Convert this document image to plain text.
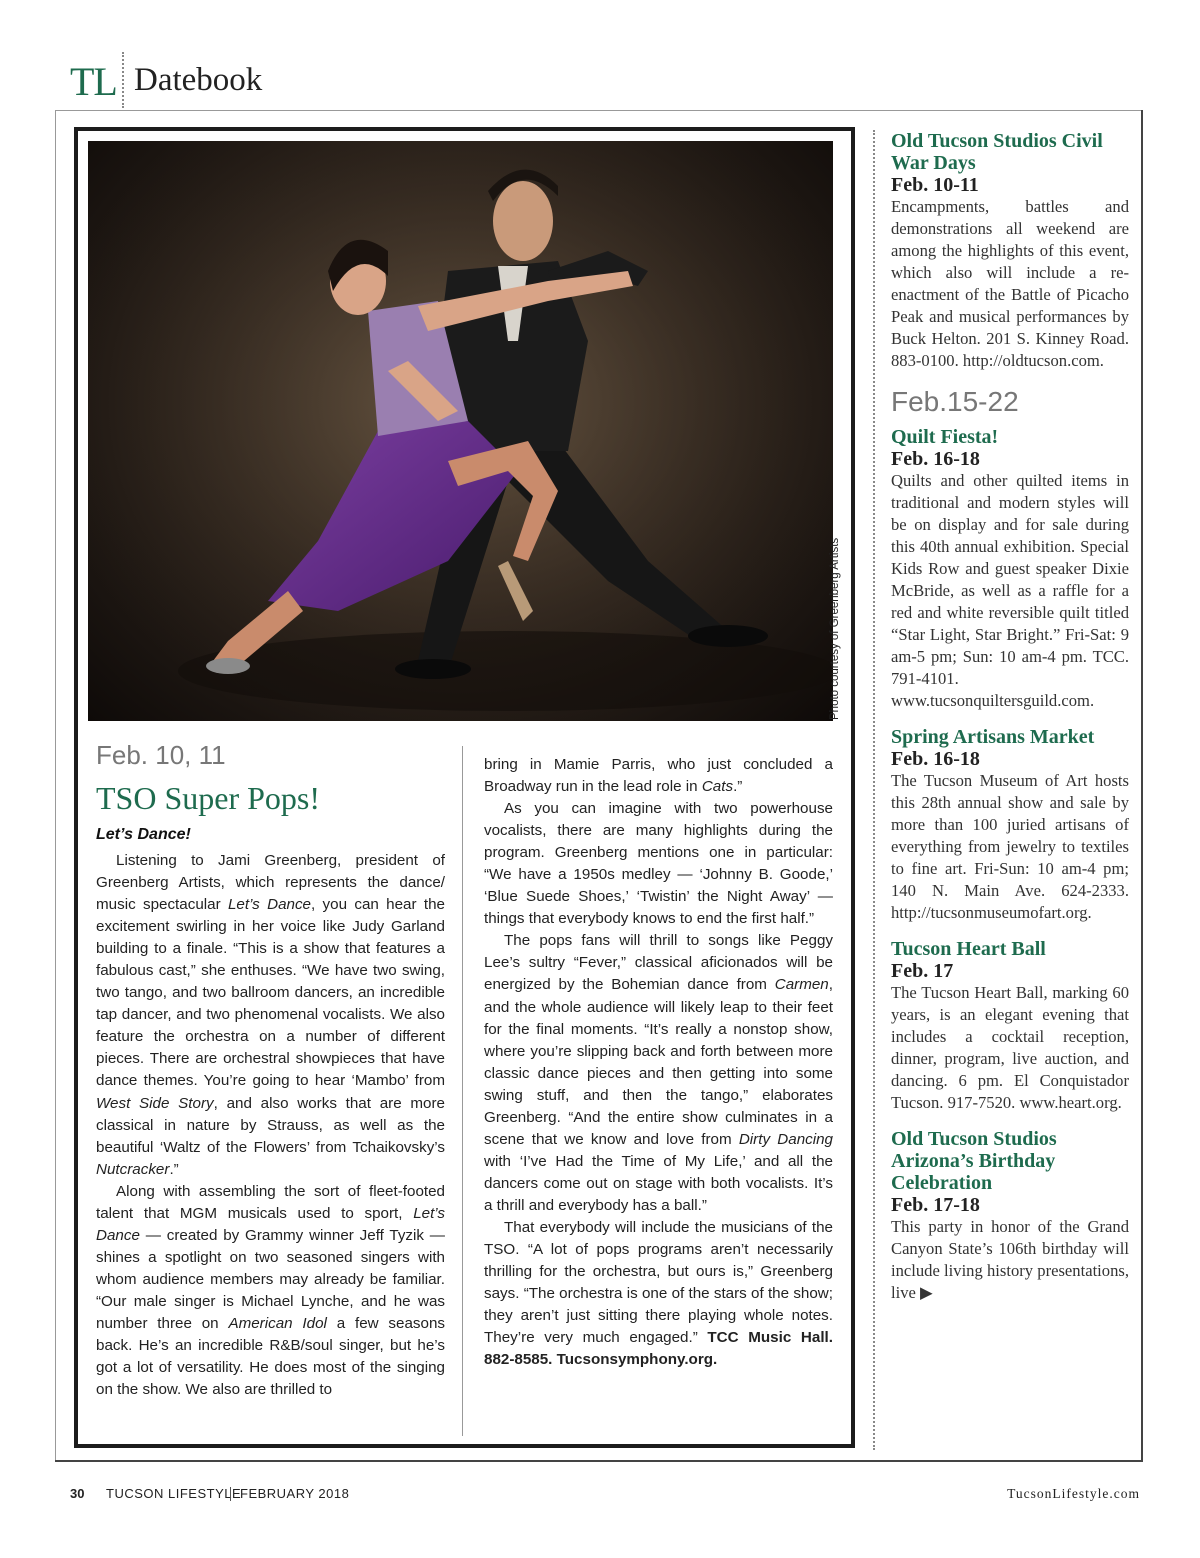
TL Datebook
Photo courtesy of Greenberg Artists
Feb. 10, 11
TSO Super Pops!
Let’s Dance!

Listening to Jami Greenberg, president of Greenberg Artists, which represents the dance/ music spectacular Let’s Dance, you can hear the excitement swirling in her voice like Judy Garland building to a finale. “This is a show that features a fabulous cast,” she enthuses. “We have two swing, two tango, and two ballroom dancers, an incredible tap dancer, and two phenomenal vocalists. We also feature the orchestra on a number of different pieces. There are orchestral showpieces that have dance themes. You’re going to hear ‘Mambo’ from West Side Story, and also works that are more classical in nature by Strauss, as well as the beautiful ‘Waltz of the Flowers’ from Tchaikovsky’s Nutcracker.”

Along with assembling the sort of fleet-footed talent that MGM musicals used to sport, Let’s Dance — created by Grammy winner Jeff Tyzik — shines a spotlight on two seasoned singers with whom audience members may already be familiar. “Our male singer is Michael Lynche, and he was number three on American Idol a few seasons back. He’s an incredible R&B/soul singer, but he’s got a lot of versatility. He does most of the singing on the show. We also are thrilled to

bring in Mamie Parris, who just concluded a Broadway run in the lead role in Cats.”

As you can imagine with two powerhouse vocalists, there are many highlights during the program. Greenberg mentions one in particular: “We have a 1950s medley — ‘Johnny B. Goode,’ ‘Blue Suede Shoes,’ ‘Twistin’ the Night Away’ — things that everybody knows to end the first half.”

The pops fans will thrill to songs like Peggy Lee’s sultry “Fever,” classical aficionados will be energized by the Bohemian dance from Carmen, and the whole audience will likely leap to their feet for the final moments. “It’s really a nonstop show, where you’re slipping back and forth between more classic dance pieces and then getting into some swing stuff, and then the tango,” elaborates Greenberg. “And the entire show culminates in a scene that we know and love from Dirty Dancing with ‘I’ve Had the Time of My Life,’ and all the dancers come out on stage with both vocalists. It’s a thrill and everybody has a ball.”

That everybody will include the musicians of the TSO. “A lot of pops programs aren’t necessarily thrilling for the orchestra, but ours is,” Greenberg says. “The orchestra is one of the stars of the show; they aren’t just sitting there playing whole notes. They’re very much engaged.” TCC Music Hall. 882-8585. Tucsonsymphony.org.

Old Tucson Studios Civil War Days

Feb. 10-11

Encampments, battles and demonstrations all weekend are among the highlights of this event, which also will include a re-enactment of the Battle of Picacho Peak and musical performances by Buck Helton. 201 S. Kinney Road. 883-0100. http://oldtucson.com.

Feb.15-22

Quilt Fiesta!

Feb. 16-18

Quilts and other quilted items in traditional and modern styles will be on display and for sale during this 40th annual exhibition. Special Kids Row and guest speaker Dixie McBride, as well as a raffle for a red and white reversible quilt titled “Star Light, Star Bright.” Fri-Sat: 9 am-5 pm; Sun: 10 am-4 pm. TCC. 791-4101. www.tucsonquiltersguild.com.

Spring Artisans Market

Feb. 16-18

The Tucson Museum of Art hosts this 28th annual show and sale by more than 100 juried artisans of everything from jewelry to textiles to fine art. Fri-Sun: 10 am-4 pm; 140 N. Main Ave. 624-2333. http://tucsonmuseumofart.org.

Tucson Heart Ball

Feb. 17

The Tucson Heart Ball, marking 60 years, is an elegant evening that includes a cocktail reception, dinner, program, live auction, and dancing. 6 pm. El Conquistador Tucson. 917-7520. www.heart.org.

Old Tucson Studios Arizona’s Birthday Celebration

Feb. 17-18

This party in honor of the Grand Canyon State’s 106th birthday will include living history presentations, live ▶

30 TUCSON LIFESTYLE
FEBRUARY 2018	TucsonLifestyle.com
